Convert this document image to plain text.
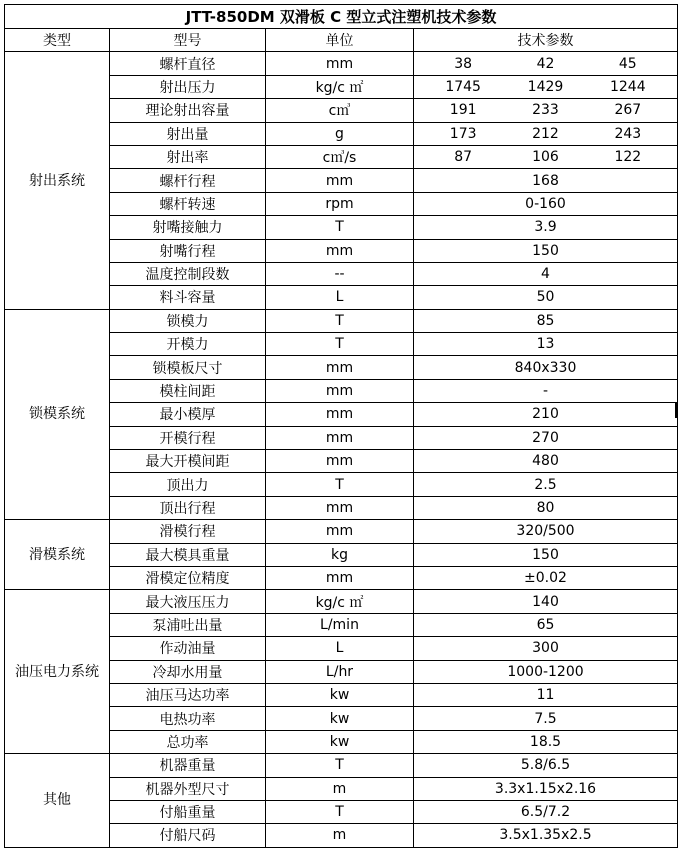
JTT-850DM 双滑板 C 型立式注塑机技术参数			
类型	型号	单位	技术参数
射出系统	螺杆直径	mm	38 42 45

	射出压力	kg/c ㎡	1745 1429 1244

	理论射出容量	c㎥	191 233 267

	射出量	g	173 212 243

	射出率	c㎥/s	87 106 122

	螺杆行程	mm	168
	螺杆转速	rpm	0-160
	射嘴接触力	T	3.9
	射嘴行程	mm	150
	温度控制段数	--	4
	料斗容量	L	50
锁模系统	锁模力	T	85
	开模力	T	13
	锁模板尺寸	mm	840x330
	模柱间距	mm	-
	最小模厚	mm	210
	开模行程	mm	270
	最大开模间距	mm	480
	顶出力	T	2.5
	顶出行程	mm	80
滑模系统	滑模行程	mm	320/500
	最大模具重量	kg	150
	滑模定位精度	mm	±0.02
油压电力系统	最大液压压力	kg/c ㎡	140
	泵浦吐出量	L/min	65
	作动油量	L	300
	冷却水用量	L/hr	1000-1200
	油压马达功率	kw	11
	电热功率	kw	7.5
	总功率	kw	18.5
其他	机器重量	T	5.8/6.5
	机器外型尺寸	m	3.3x1.15x2.16
	付船重量	T	6.5/7.2
	付船尺码	m	3.5x1.35x2.5
